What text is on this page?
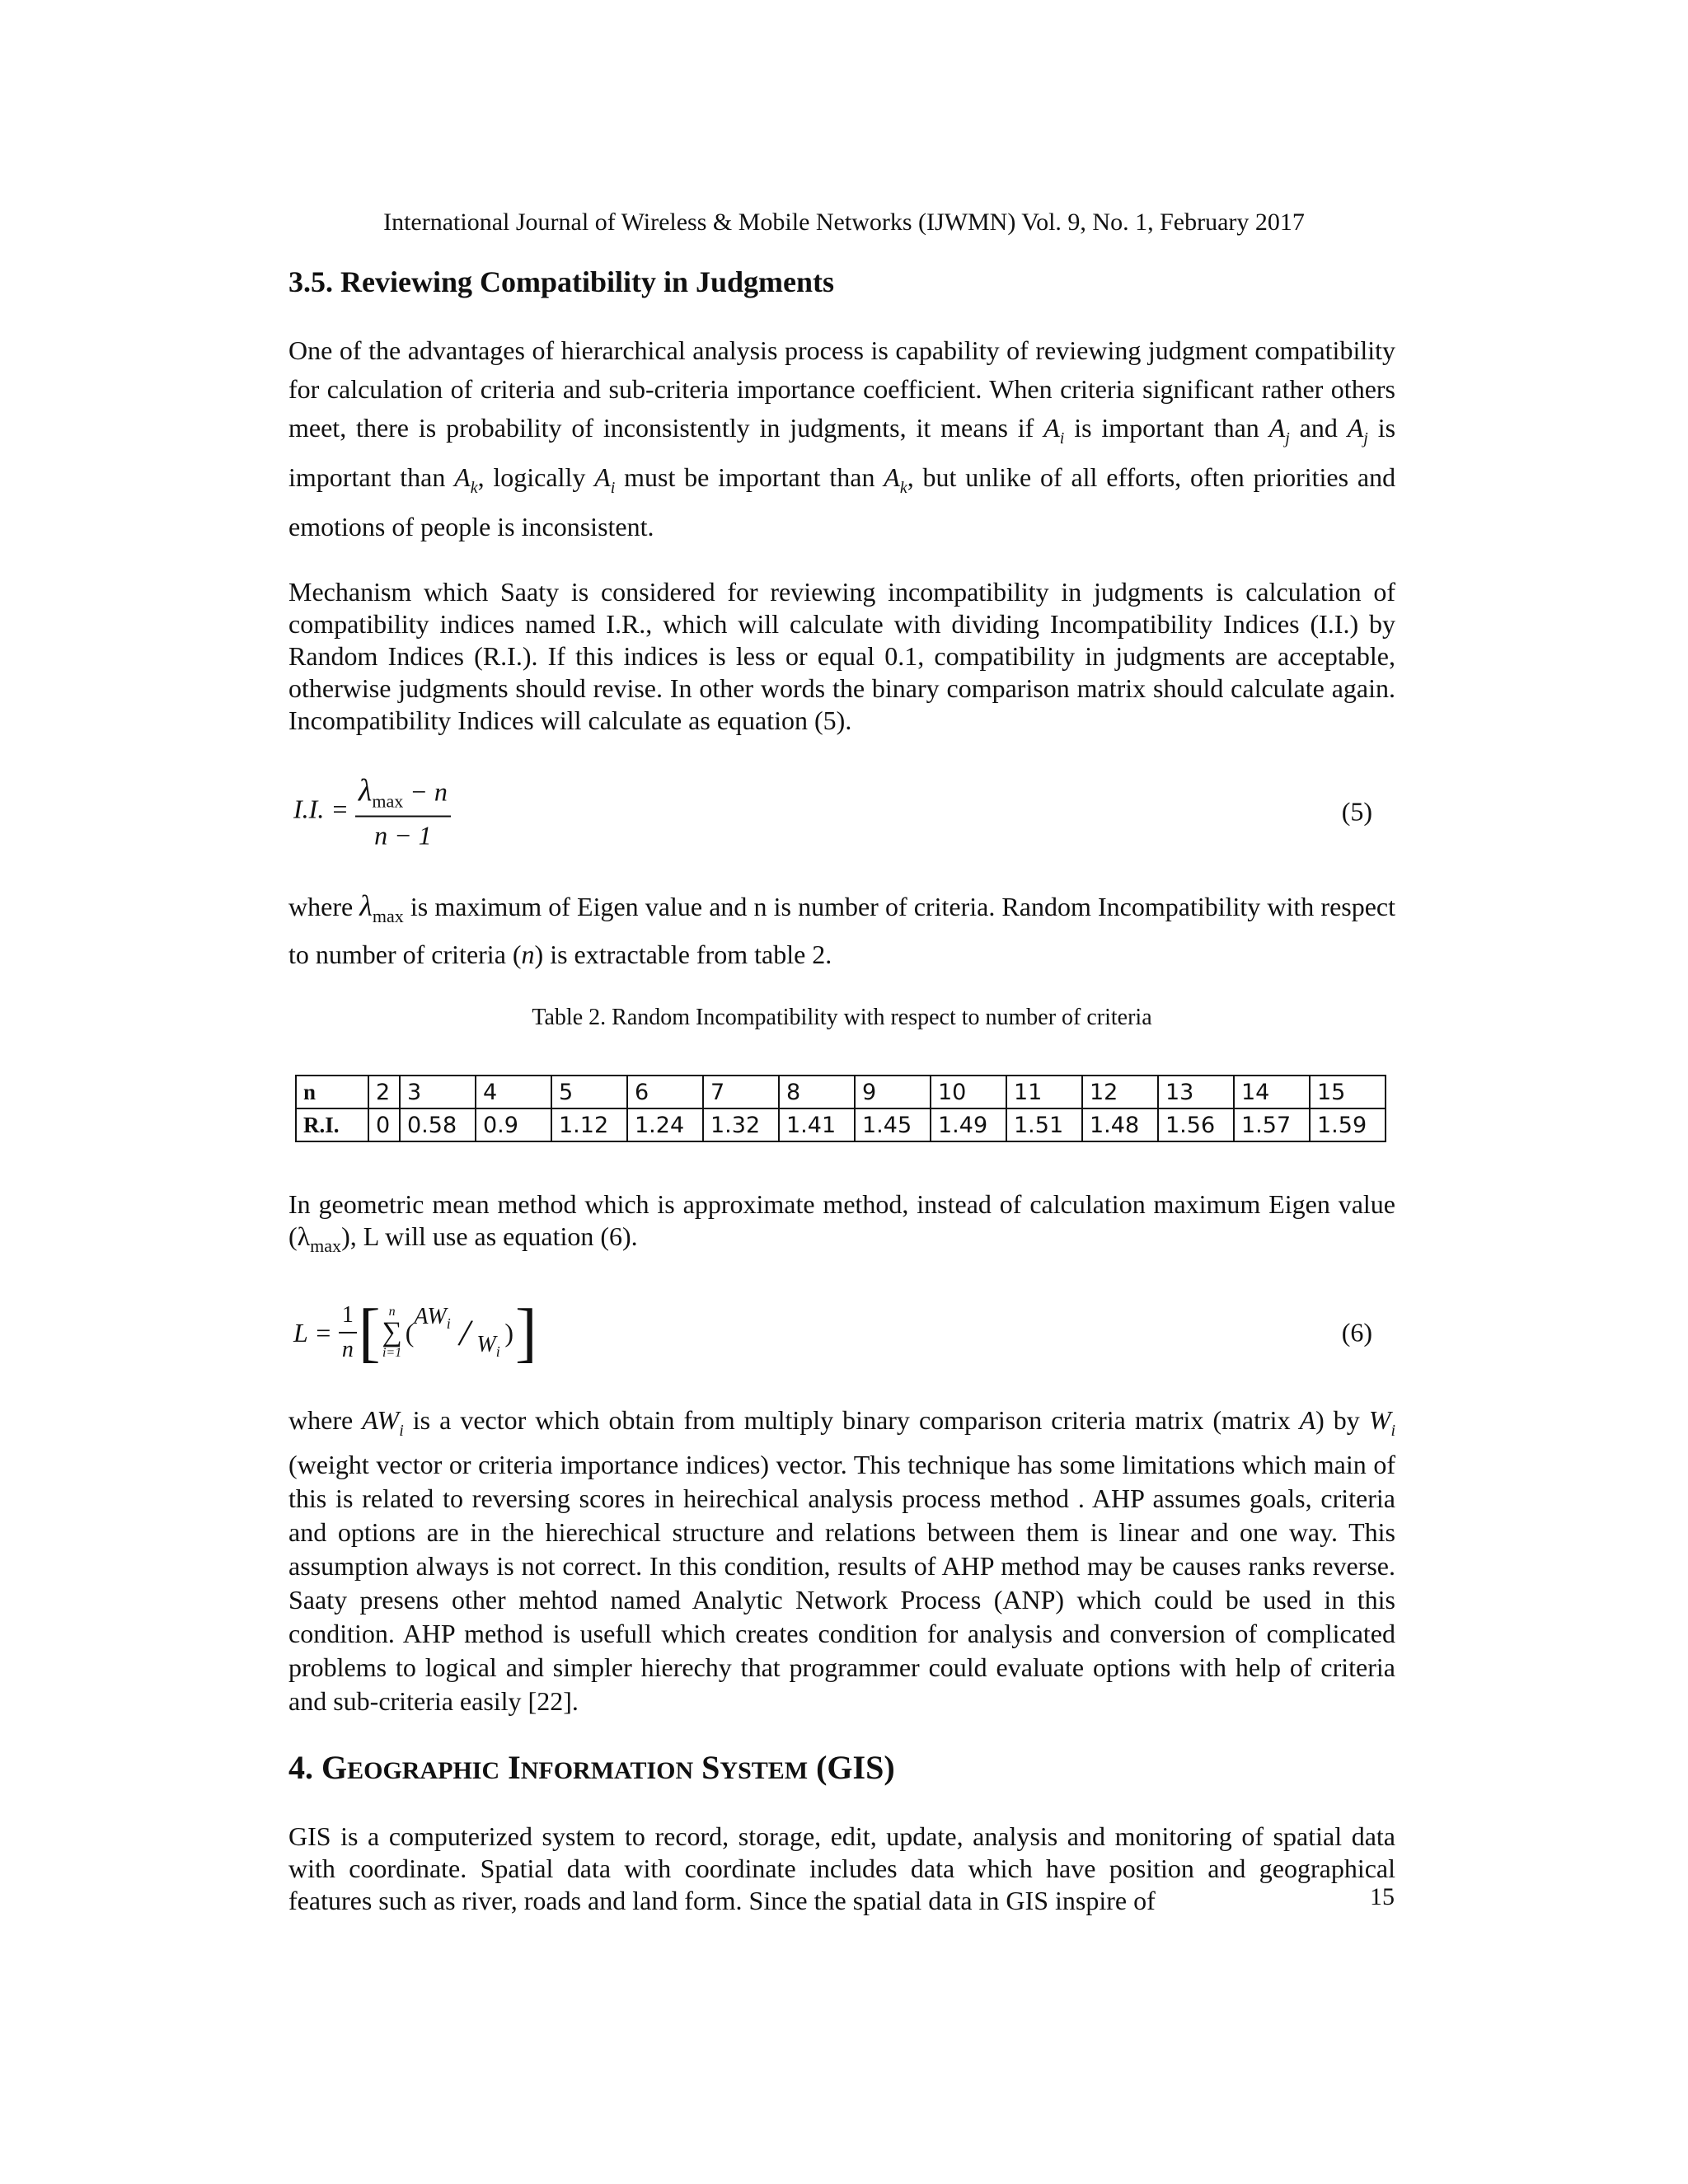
International Journal of Wireless & Mobile Networks (IJWMN) Vol. 9, No. 1, February 2017
3.5. Reviewing Compatibility in Judgments

One of the advantages of hierarchical analysis process is capability of reviewing judgment compatibility for calculation of criteria and sub-criteria importance coefficient. When criteria significant rather others meet, there is probability of inconsistently in judgments, it means if $A_i$ is important than $A_j$ and $A_j$ is important than $A_k$, logically $A_i$ must be important than $A_k$, but unlike of all efforts, often priorities and emotions of people is inconsistent.

Mechanism which Saaty is considered for reviewing incompatibility in judgments is calculation of compatibility indices named I.R., which will calculate with dividing Incompatibility Indices (I.I.) by Random Indices (R.I.). If this indices is less or equal 0.1, compatibility in judgments are acceptable, otherwise judgments should revise. In other words the binary comparison matrix should calculate again. Incompatibility Indices will calculate as equation (5).

I.I. = $\frac{\lambda_{max} - n}{n - 1}$	(5)

where $\lambda_{max}$ is maximum of Eigen value and n is number of criteria. Random Incompatibility with respect to number of criteria (n) is extractable from table 2.

Table 2. Random Incompatibility with respect to number of criteria
n	2	3	4	5	6	7	8	9	10	11	12	13	14	15
R.I.	0	0.58	0.9	1.12	1.24	1.32	1.41	1.45	1.49	1.51	1.48	1.56	1.57	1.59

In geometric mean method which is approximate method, instead of calculation maximum Eigen value $(\lambda_{max})$, L will use as equation (6).

$L = \frac{1}{n}$ [ n
∑
i=1
(
$AW_i / W_i$
) ]	(6)

where $AW_i$ is a vector which obtain from multiply binary comparison criteria matrix (matrix A) by $W_i$ (weight vector or criteria importance indices) vector. This technique has some limitations which main of this is related to reversing scores in heirechical analysis process method . AHP assumes goals, criteria and options are in the hierechical structure and relations between them is linear and one way. This assumption always is not correct. In this condition, results of AHP method may be causes ranks reverse. Saaty presens other mehtod named Analytic Network Process (ANP) which could be used in this condition. AHP method is usefull which creates condition for analysis and conversion of complicated problems to logical and simpler hierechy that programmer could evaluate options with help of criteria and sub-criteria easily [22].

4. GEOGRAPHIC INFORMATION SYSTEM (GIS)

GIS is a computerized system to record, storage, edit, update, analysis and monitoring of spatial data with coordinate. Spatial data with coordinate includes data which have position and geographical features such as river, roads and land form. Since the spatial data in GIS inspire of	15
